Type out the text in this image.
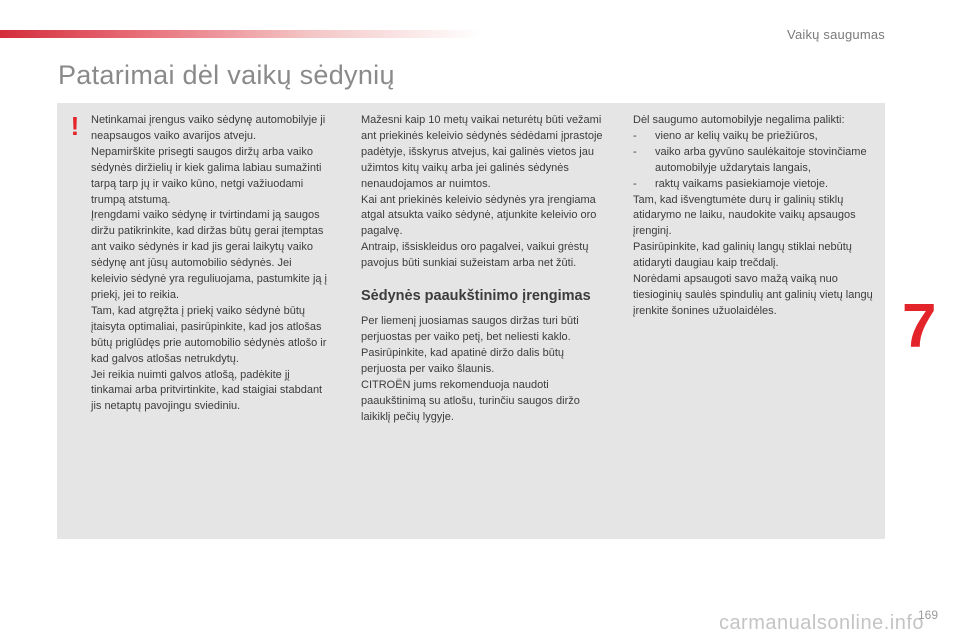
Vaikų saugumas
Patarimai dėl vaikų sėdynių
!	Netinkamai įrengus vaiko sėdynę automobilyje ji neapsaugos vaiko avarijos atveju.

Nepamirškite prisegti saugos diržų arba vaiko sėdynės diržielių ir kiek galima labiau sumažinti tarpą tarp jų ir vaiko kūno, netgi važiuodami trumpą atstumą.

Įrengdami vaiko sėdynę ir tvirtindami ją saugos diržu patikrinkite, kad diržas būtų gerai įtemptas ant vaiko sėdynės ir kad jis gerai laikytų vaiko sėdynę ant jūsų automobilio sėdynės. Jei keleivio sėdynė yra reguliuojama, pastumkite ją į priekį, jei to reikia.

Tam, kad atgręžta į priekį vaiko sėdynė būtų įtaisyta optimaliai, pasirūpinkite, kad jos atlošas būtų priglūdęs prie automobilio sėdynės atlošo ir kad galvos atlošas netrukdytų.

Jei reikia nuimti galvos atlošą, padėkite jį tinkamai arba pritvirtinkite, kad staigiai stabdant jis netaptų pavojingu sviediniu.

Mažesni kaip 10 metų vaikai neturėtų būti vežami ant priekinės keleivio sėdynės sėdėdami įprastoje padėtyje, išskyrus atvejus, kai galinės vietos jau užimtos kitų vaikų arba jei galinės sėdynės nenaudojamos ar nuimtos.

Kai ant priekinės keleivio sėdynės yra įrengiama atgal atsukta vaiko sėdynė, atjunkite keleivio oro pagalvę.

Antraip, išsiskleidus oro pagalvei, vaikui grėstų pavojus būti sunkiai sužeistam arba net žūti.

Sėdynės paaukštinimo įrengimas

Per liemenį juosiamas saugos diržas turi būti perjuostas per vaiko petį, bet neliesti kaklo.

Pasirūpinkite, kad apatinė diržo dalis būtų perjuosta per vaiko šlaunis.

CITROËN jums rekomenduoja naudoti paaukštinimą su atlošu, turinčiu saugos diržo laikiklį pečių lygyje.

Dėl saugumo automobilyje negalima palikti:

- vieno ar kelių vaikų be priežiūros,
- vaiko arba gyvūno saulėkaitoje stovinčiame automobilyje uždarytais langais,
- raktų vaikams pasiekiamoje vietoje.

Tam, kad išvengtumėte durų ir galinių stiklų atidarymo ne laiku, naudokite vaikų apsaugos įrenginį.

Pasirūpinkite, kad galinių langų stiklai nebūtų atidaryti daugiau kaip trečdalį.

Norėdami apsaugoti savo mažą vaiką nuo tiesioginių saulės spindulių ant galinių vietų langų įrenkite šonines užuolaidėles.	7
carmanualsonline.info
169
